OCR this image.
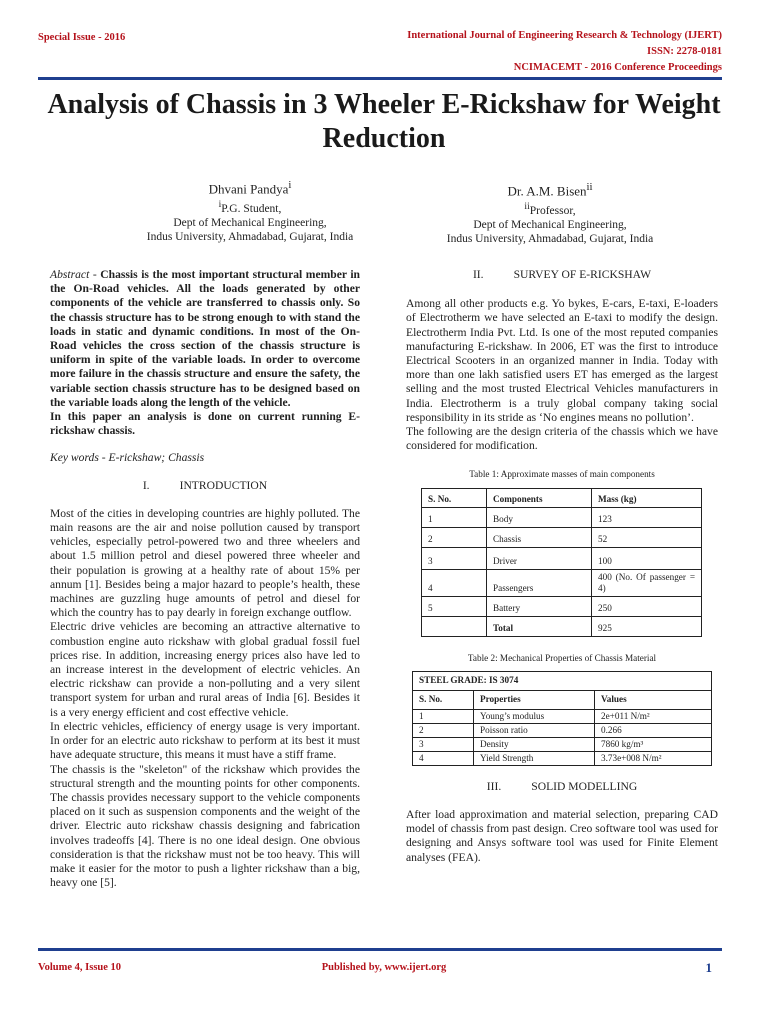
Special Issue - 2016	International Journal of Engineering Research & Technology (IJERT)
ISSN: 2278-0181
NCIMACEMT - 2016 Conference Proceedings
Analysis of Chassis in 3 Wheeler E-Rickshaw for Weight Reduction
Dhvani Pandya$^i$
$^i$P.G. Student,
Dept of Mechanical Engineering,
Indus University, Ahmadabad, Gujarat, India
Dr. A.M. Bisen$^{ii}$
$^{ii}$Professor,
Dept of Mechanical Engineering,
Indus University, Ahmadabad, Gujarat, India
Abstract - Chassis is the most important structural member in the On-Road vehicles. All the loads generated by other components of the vehicle are transferred to chassis only. So the chassis structure has to be strong enough to with stand the loads in static and dynamic conditions. In most of the On-Road vehicles the cross section of the chassis structure is uniform in spite of the variable loads. In order to overcome more failure in the chassis structure and ensure the safety, the variable section chassis structure has to be designed based on the variable loads along the length of the vehicle.
In this paper an analysis is done on current running E-rickshaw chassis.
Key words - E-rickshaw; Chassis
I.	INTRODUCTION

Most of the cities in developing countries are highly polluted. The main reasons are the air and noise pollution caused by transport vehicles, especially petrol-powered two and three wheelers and about 1.5 million petrol and diesel powered three wheeler and their population is growing at a healthy rate of about 15% per annum [1]. Besides being a major hazard to people’s health, these machines are guzzling huge amounts of petrol and diesel for which the country has to pay dearly in foreign exchange outflow.

Electric drive vehicles are becoming an attractive alternative to combustion engine auto rickshaw with global gradual fossil fuel prices rise. In addition, increasing energy prices also have led to an increase interest in the development of electric vehicles. An electric rickshaw can provide a non-polluting and a very silent transport system for urban and rural areas of India [6]. Besides it is a very energy efficient and cost effective vehicle.

In electric vehicles, efficiency of energy usage is very important. In order for an electric auto rickshaw to perform at its best it must have adequate structure, this means it must have a stiff frame.

The chassis is the "skeleton" of the rickshaw which provides the structural strength and the mounting points for other components. The chassis provides necessary support to the vehicle components placed on it such as suspension components and the weight of the driver. Electric auto rickshaw chassis designing and fabrication involves tradeoffs [4]. There is no one ideal design. One obvious consideration is that the rickshaw must not be too heavy. This will make it easier for the motor to push a lighter rickshaw than a big, heavy one [5].

II.	SURVEY OF E-RICKSHAW

Among all other products e.g. Yo bykes, E-cars, E-taxi, E-loaders of Electrotherm we have selected an E-taxi to modify the design. Electrotherm India Pvt. Ltd. Is one of the most reputed companies manufacturing E-rickshaw. In 2006, ET was the first to introduce Electrical Scooters in an organized manner in India. Today with more than one lakh satisfied users ET has emerged as the largest selling and the most trusted Electrical Vehicles manufacturers in India. Electrotherm is a truly global company taking social responsibility in its stride as ‘No engines means no pollution’.

The following are the design criteria of the chassis which we have considered for modification.

Table 1: Approximate masses of main components
S. No.	Components	Mass (kg)
1	Body	123
2	Chassis	52
3	Driver	100
4	Passengers	400 (No. Of passenger = 4)
5	Battery	250
	Total	925
Table 2: Mechanical Properties of Chassis Material
STEEL GRADE: IS 3074		
S. No.	Properties	Values
1	Young’s modulus	2e+011 N/m²
2	Poisson ratio	0.266
3	Density	7860 kg/m³
4	Yield Strength	3.73e+008 N/m²
III.	SOLID MODELLING

After load approximation and material selection, preparing CAD model of chassis from past design. Creo software tool was used for designing and Ansys software tool was used for Finite Element analyses (FEA).

Volume 4, Issue 10	Published by, www.ijert.org	1
